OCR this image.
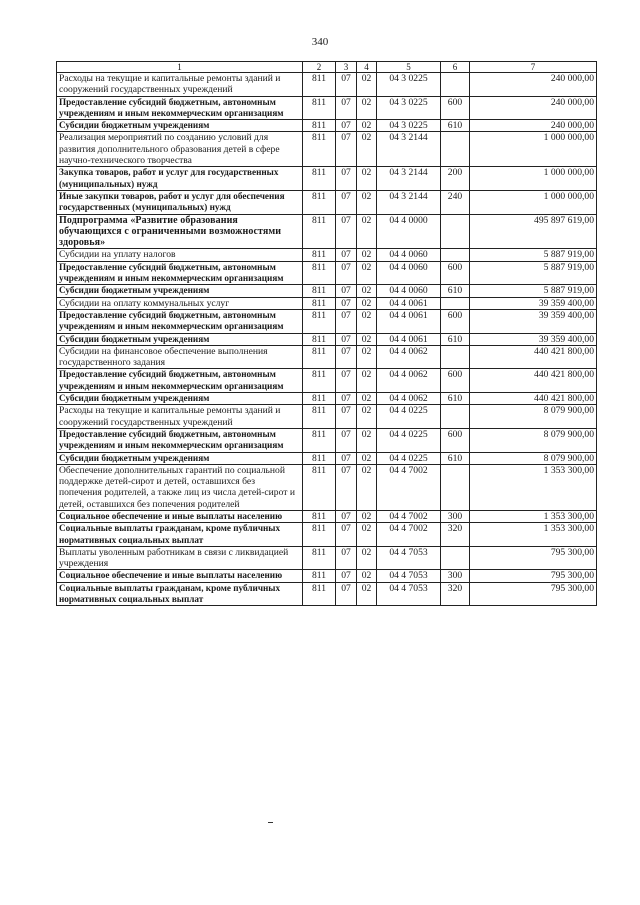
340
1	2	3	4	5	6	7
Расходы на текущие и капитальные ремонты зданий и сооружений государственных учреждений	811	07	02	04 3 0225		240 000,00
Предоставление субсидий бюджетным, автономным учреждениям и иным некоммерческим организациям	811	07	02	04 3 0225	600	240 000,00
Субсидии бюджетным учреждениям	811	07	02	04 3 0225	610	240 000,00
Реализация мероприятий по созданию условий для развития дополнительного образования детей в сфере научно-технического творчества	811	07	02	04 3 2144		1 000 000,00
Закупка товаров, работ и услуг для государственных (муниципальных) нужд	811	07	02	04 3 2144	200	1 000 000,00
Иные закупки товаров, работ и услуг для обеспечения государственных (муниципальных) нужд	811	07	02	04 3 2144	240	1 000 000,00
Подпрограмма «Развитие образования обучающихся с ограниченными возможностями здоровья»	811	07	02	04 4 0000		495 897 619,00
Субсидии на уплату налогов	811	07	02	04 4 0060		5 887 919,00
Предоставление субсидий бюджетным, автономным учреждениям и иным некоммерческим организациям	811	07	02	04 4 0060	600	5 887 919,00
Субсидии бюджетным учреждениям	811	07	02	04 4 0060	610	5 887 919,00
Субсидии на оплату коммунальных услуг	811	07	02	04 4 0061		39 359 400,00
Предоставление субсидий бюджетным, автономным учреждениям и иным некоммерческим организациям	811	07	02	04 4 0061	600	39 359 400,00
Субсидии бюджетным учреждениям	811	07	02	04 4 0061	610	39 359 400,00
Субсидии на финансовое обеспечение выполнения государственного задания	811	07	02	04 4 0062		440 421 800,00
Предоставление субсидий бюджетным, автономным учреждениям и иным некоммерческим организациям	811	07	02	04 4 0062	600	440 421 800,00
Субсидии бюджетным учреждениям	811	07	02	04 4 0062	610	440 421 800,00
Расходы на текущие и капитальные ремонты зданий и сооружений государственных учреждений	811	07	02	04 4 0225		8 079 900,00
Предоставление субсидий бюджетным, автономным учреждениям и иным некоммерческим организациям	811	07	02	04 4 0225	600	8 079 900,00
Субсидии бюджетным учреждениям	811	07	02	04 4 0225	610	8 079 900,00
Обеспечение дополнительных гарантий по социальной поддержке детей-сирот и детей, оставшихся без попечения родителей, а также лиц из числа детей-сирот и детей, оставшихся без попечения родителей	811	07	02	04 4 7002		1 353 300,00
Социальное обеспечение и иные выплаты населению	811	07	02	04 4 7002	300	1 353 300,00
Социальные выплаты гражданам, кроме публичных нормативных социальных выплат	811	07	02	04 4 7002	320	1 353 300,00
Выплаты уволенным работникам в связи с ликвидацией учреждения	811	07	02	04 4 7053		795 300,00
Социальное обеспечение и иные выплаты населению	811	07	02	04 4 7053	300	795 300,00
Социальные выплаты гражданам, кроме публичных нормативных социальных выплат	811	07	02	04 4 7053	320	795 300,00
